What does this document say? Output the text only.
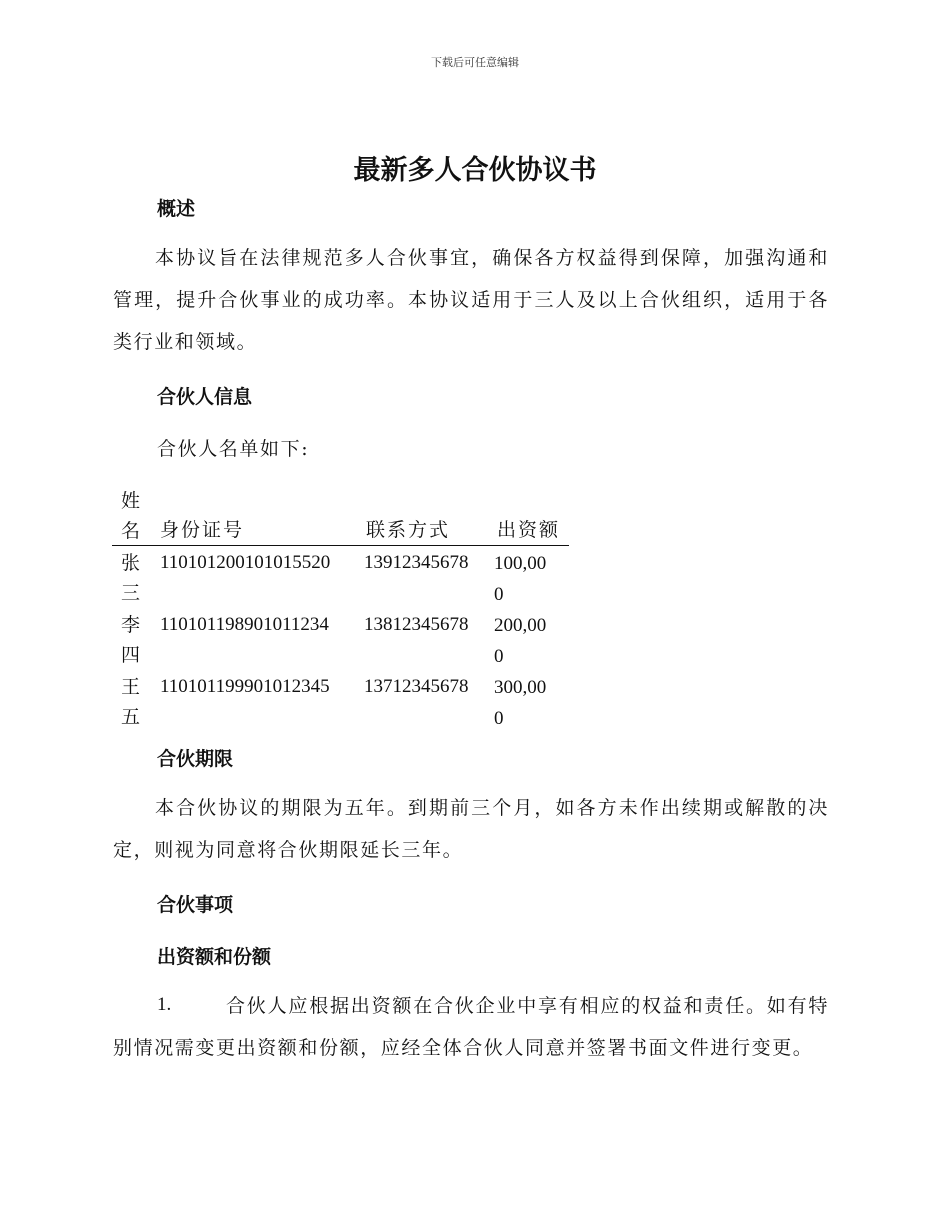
下载后可任意编辑
最新多人合伙协议书
概述
本协议旨在法律规范多人合伙事宜，确保各方权益得到保障，加强沟通和管理，提升合伙事业的成功率。本协议适用于三人及以上合伙组织，适用于各类行业和领域。
合伙人信息
合伙人名单如下:
姓名 身份证号	联系方式 出资额
张三
110101200101015520 13912345678 100,000
李四
110101198901011234 13812345678 200,000
王五
110101199901012345 13712345678 300,000
合伙期限
本合伙协议的期限为五年。到期前三个月，如各方未作出续期或解散的决定，则视为同意将合伙期限延长三年。
合伙事项
出资额和份额
1.	合伙人应根据出资额在合伙企业中享有相应的权益和责任。如有特别情况需变更出资额和份额，应经全体合伙人同意并签署书面文件进行变更。
